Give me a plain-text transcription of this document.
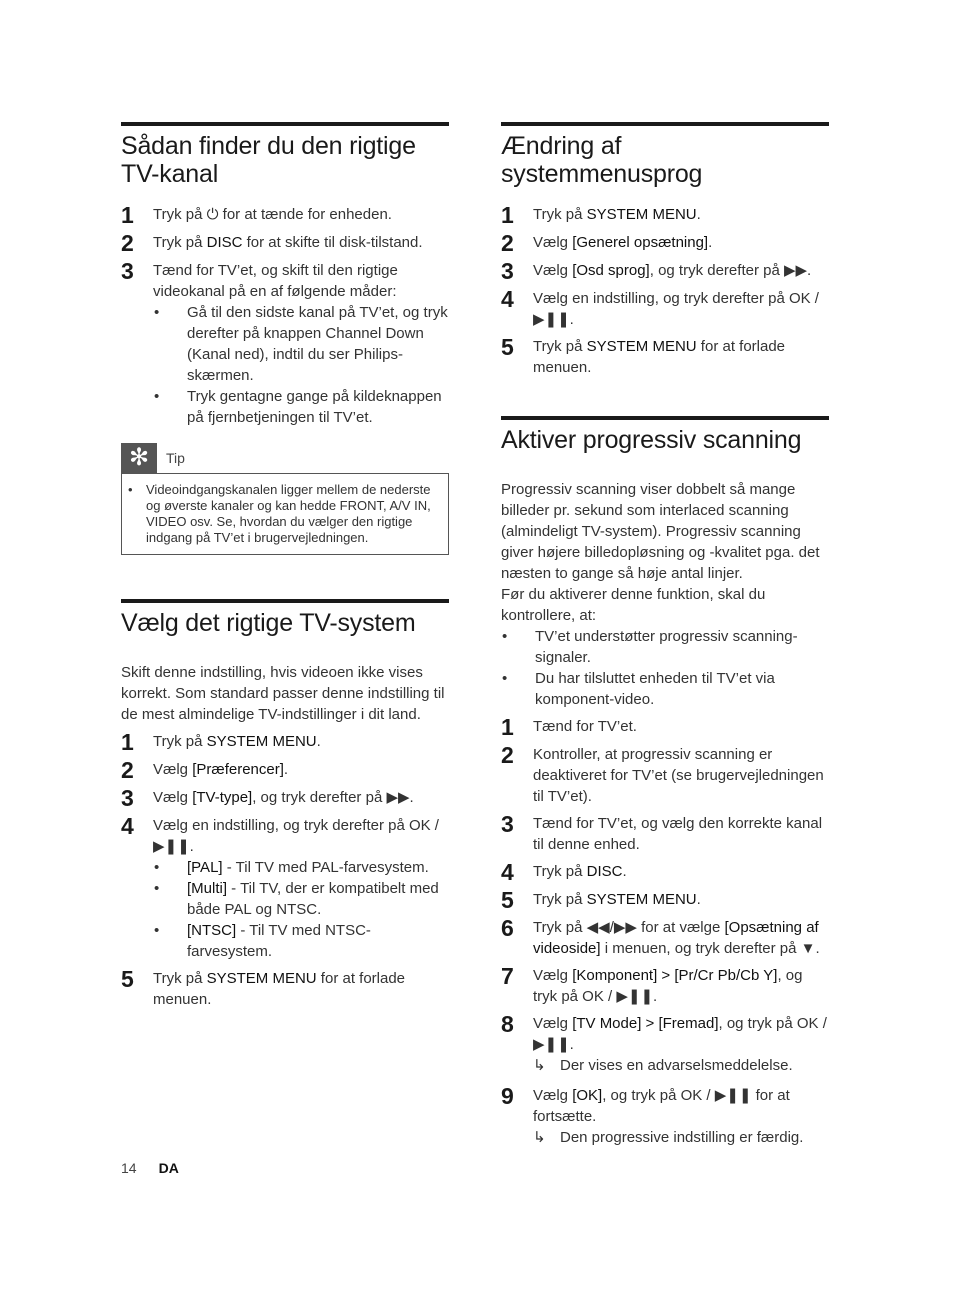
Sådan finder du den rigtige TV-kanal
1	Tryk på ⏻ for at tænde for enheden.
2	Tryk på DISC for at skifte til disk-tilstand.
3	Tænd for TV’et, og skift til den rigtige videokanal på en af følgende måder:
•	Gå til den sidste kanal på TV’et, og tryk derefter på knappen Channel Down (Kanal ned), indtil du ser Philips-skærmen.
•	Tryk gentagne gange på kildeknappen på fjernbetjeningen til TV’et.
✻	Tip
•	Videoindgangskanalen ligger mellem de nederste og øverste kanaler og kan hedde FRONT, A/V IN, VIDEO osv. Se, hvordan du vælger den rigtige indgang på TV’et i brugervejledningen.
Vælg det rigtige TV-system

Skift denne indstilling, hvis videoen ikke vises korrekt. Som standard passer denne indstilling til de mest almindelige TV-indstillinger i dit land.

1	Tryk på SYSTEM MENU.
2	Vælg [Præferencer].
3	Vælg [TV-type], og tryk derefter på ▶▶.
4	Vælg en indstilling, og tryk derefter på OK / ▶❚❚.
•	[PAL] - Til TV med PAL-farvesystem.
•	[Multi] - Til TV, der er kompatibelt med både PAL og NTSC.
•	[NTSC] - Til TV med NTSC-farvesystem.
5	Tryk på SYSTEM MENU for at forlade menuen.
Ændring af systemmenusprog
1	Tryk på SYSTEM MENU.
2	Vælg [Generel opsætning].
3	Vælg [Osd sprog], og tryk derefter på ▶▶.
4	Vælg en indstilling, og tryk derefter på OK / ▶❚❚.
5	Tryk på SYSTEM MENU for at forlade menuen.
Aktiver progressiv scanning

Progressiv scanning viser dobbelt så mange billeder pr. sekund som interlaced scanning (almindeligt TV-system). Progressiv scanning giver højere billedopløsning og -kvalitet pga. det næsten to gange så høje antal linjer.

Før du aktiverer denne funktion, skal du kontrollere, at:

•	TV’et understøtter progressiv scanning-signaler.
•	Du har tilsluttet enheden til TV’et via komponent-video.
1	Tænd for TV’et.
2	Kontroller, at progressiv scanning er deaktiveret for TV’et (se brugervejledningen til TV’et).
3	Tænd for TV’et, og vælg den korrekte kanal til denne enhed.
4	Tryk på DISC.
5	Tryk på SYSTEM MENU.
6	Tryk på ◀◀/▶▶ for at vælge [Opsætning af videoside] i menuen, og tryk derefter på ▼.
7	Vælg [Komponent] > [Pr/Cr Pb/Cb Y], og tryk på OK / ▶❚❚.
8	Vælg [TV Mode] > [Fremad], og tryk på OK / ▶❚❚.
↳ Der vises en advarselsmeddelelse.
9	Vælg [OK], og tryk på OK / ▶❚❚ for at fortsætte.
↳ Den progressive indstilling er færdig.
14 DA
